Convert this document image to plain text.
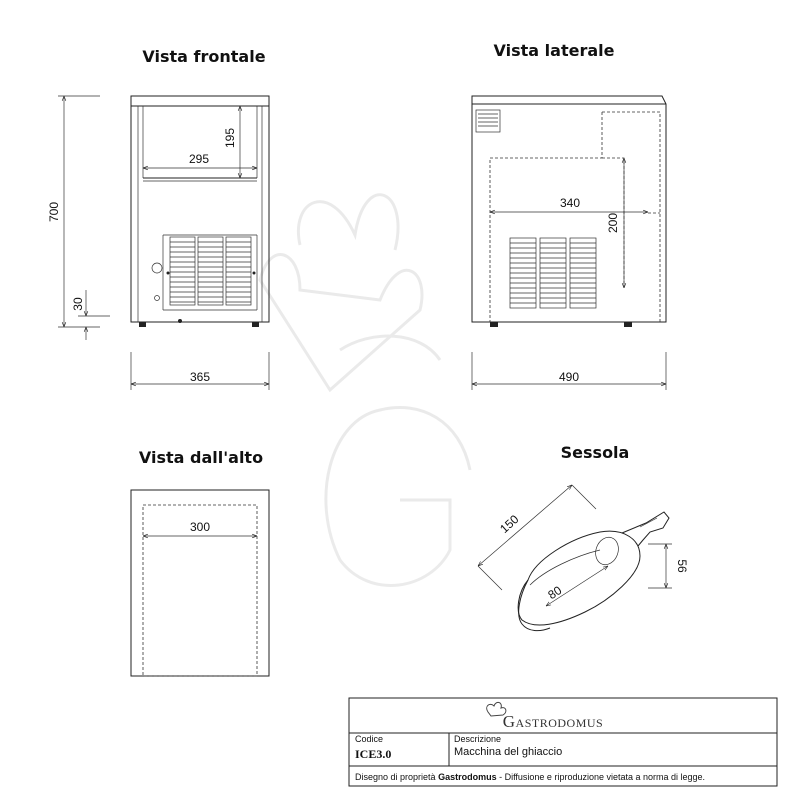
Vista frontale
700
30
295
195
365
Vista laterale
340
200
490
Vista dall'alto
300
Sessola
150
80
56
Gastrodomus
Codice
ICE3.0
Descrizione
Macchina del ghiaccio
Disegno di proprietà Gastrodomus - Diffusione e riproduzione vietata a norma di legge.
